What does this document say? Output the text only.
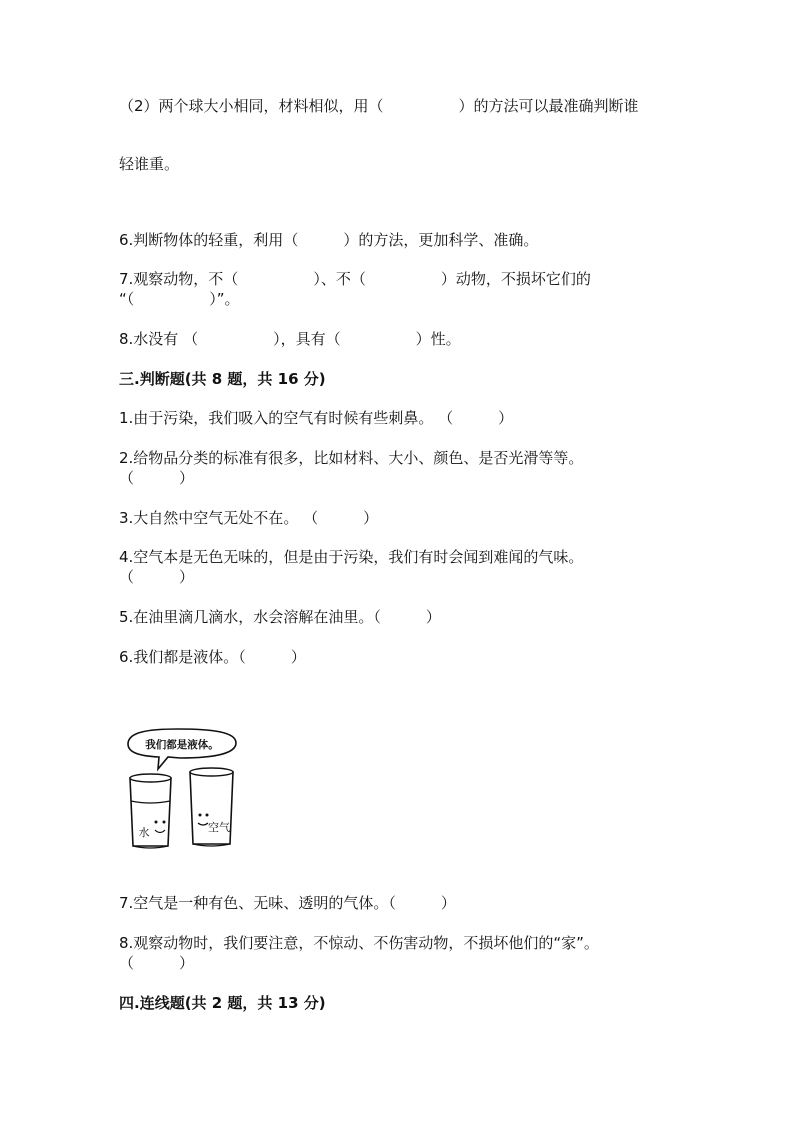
（2）两个球大小相同，材料相似，用（　　　　　）的方法可以最准确判断谁
轻谁重。
6.判断物体的轻重，利用（　　　）的方法，更加科学、准确。
7.观察动物，不（　　　　　）、不（　　　　　）动物，不损坏它们的
“（　　　　　）”。
8.水没有 （　　　　　），具有（　　　　　）性。
三.判断题(共 8 题，共 16 分)
1.由于污染，我们吸入的空气有时候有些刺鼻。 （　　　）
2.给物品分类的标准有很多，比如材料、大小、颜色、是否光滑等等。
（　　　）
3.大自然中空气无处不在。 （　　　）
4.空气本是无色无味的，但是由于污染，我们有时会闻到难闻的气味。
（　　　）
5.在油里滴几滴水，水会溶解在油里。（　　　）
6.我们都是液体。（　　　）
我们都是液体。
水	空气
7.空气是一种有色、无味、透明的气体。（　　　）
8.观察动物时，我们要注意，不惊动、不伤害动物，不损坏他们的“家”。
（　　　）
四.连线题(共 2 题，共 13 分)
